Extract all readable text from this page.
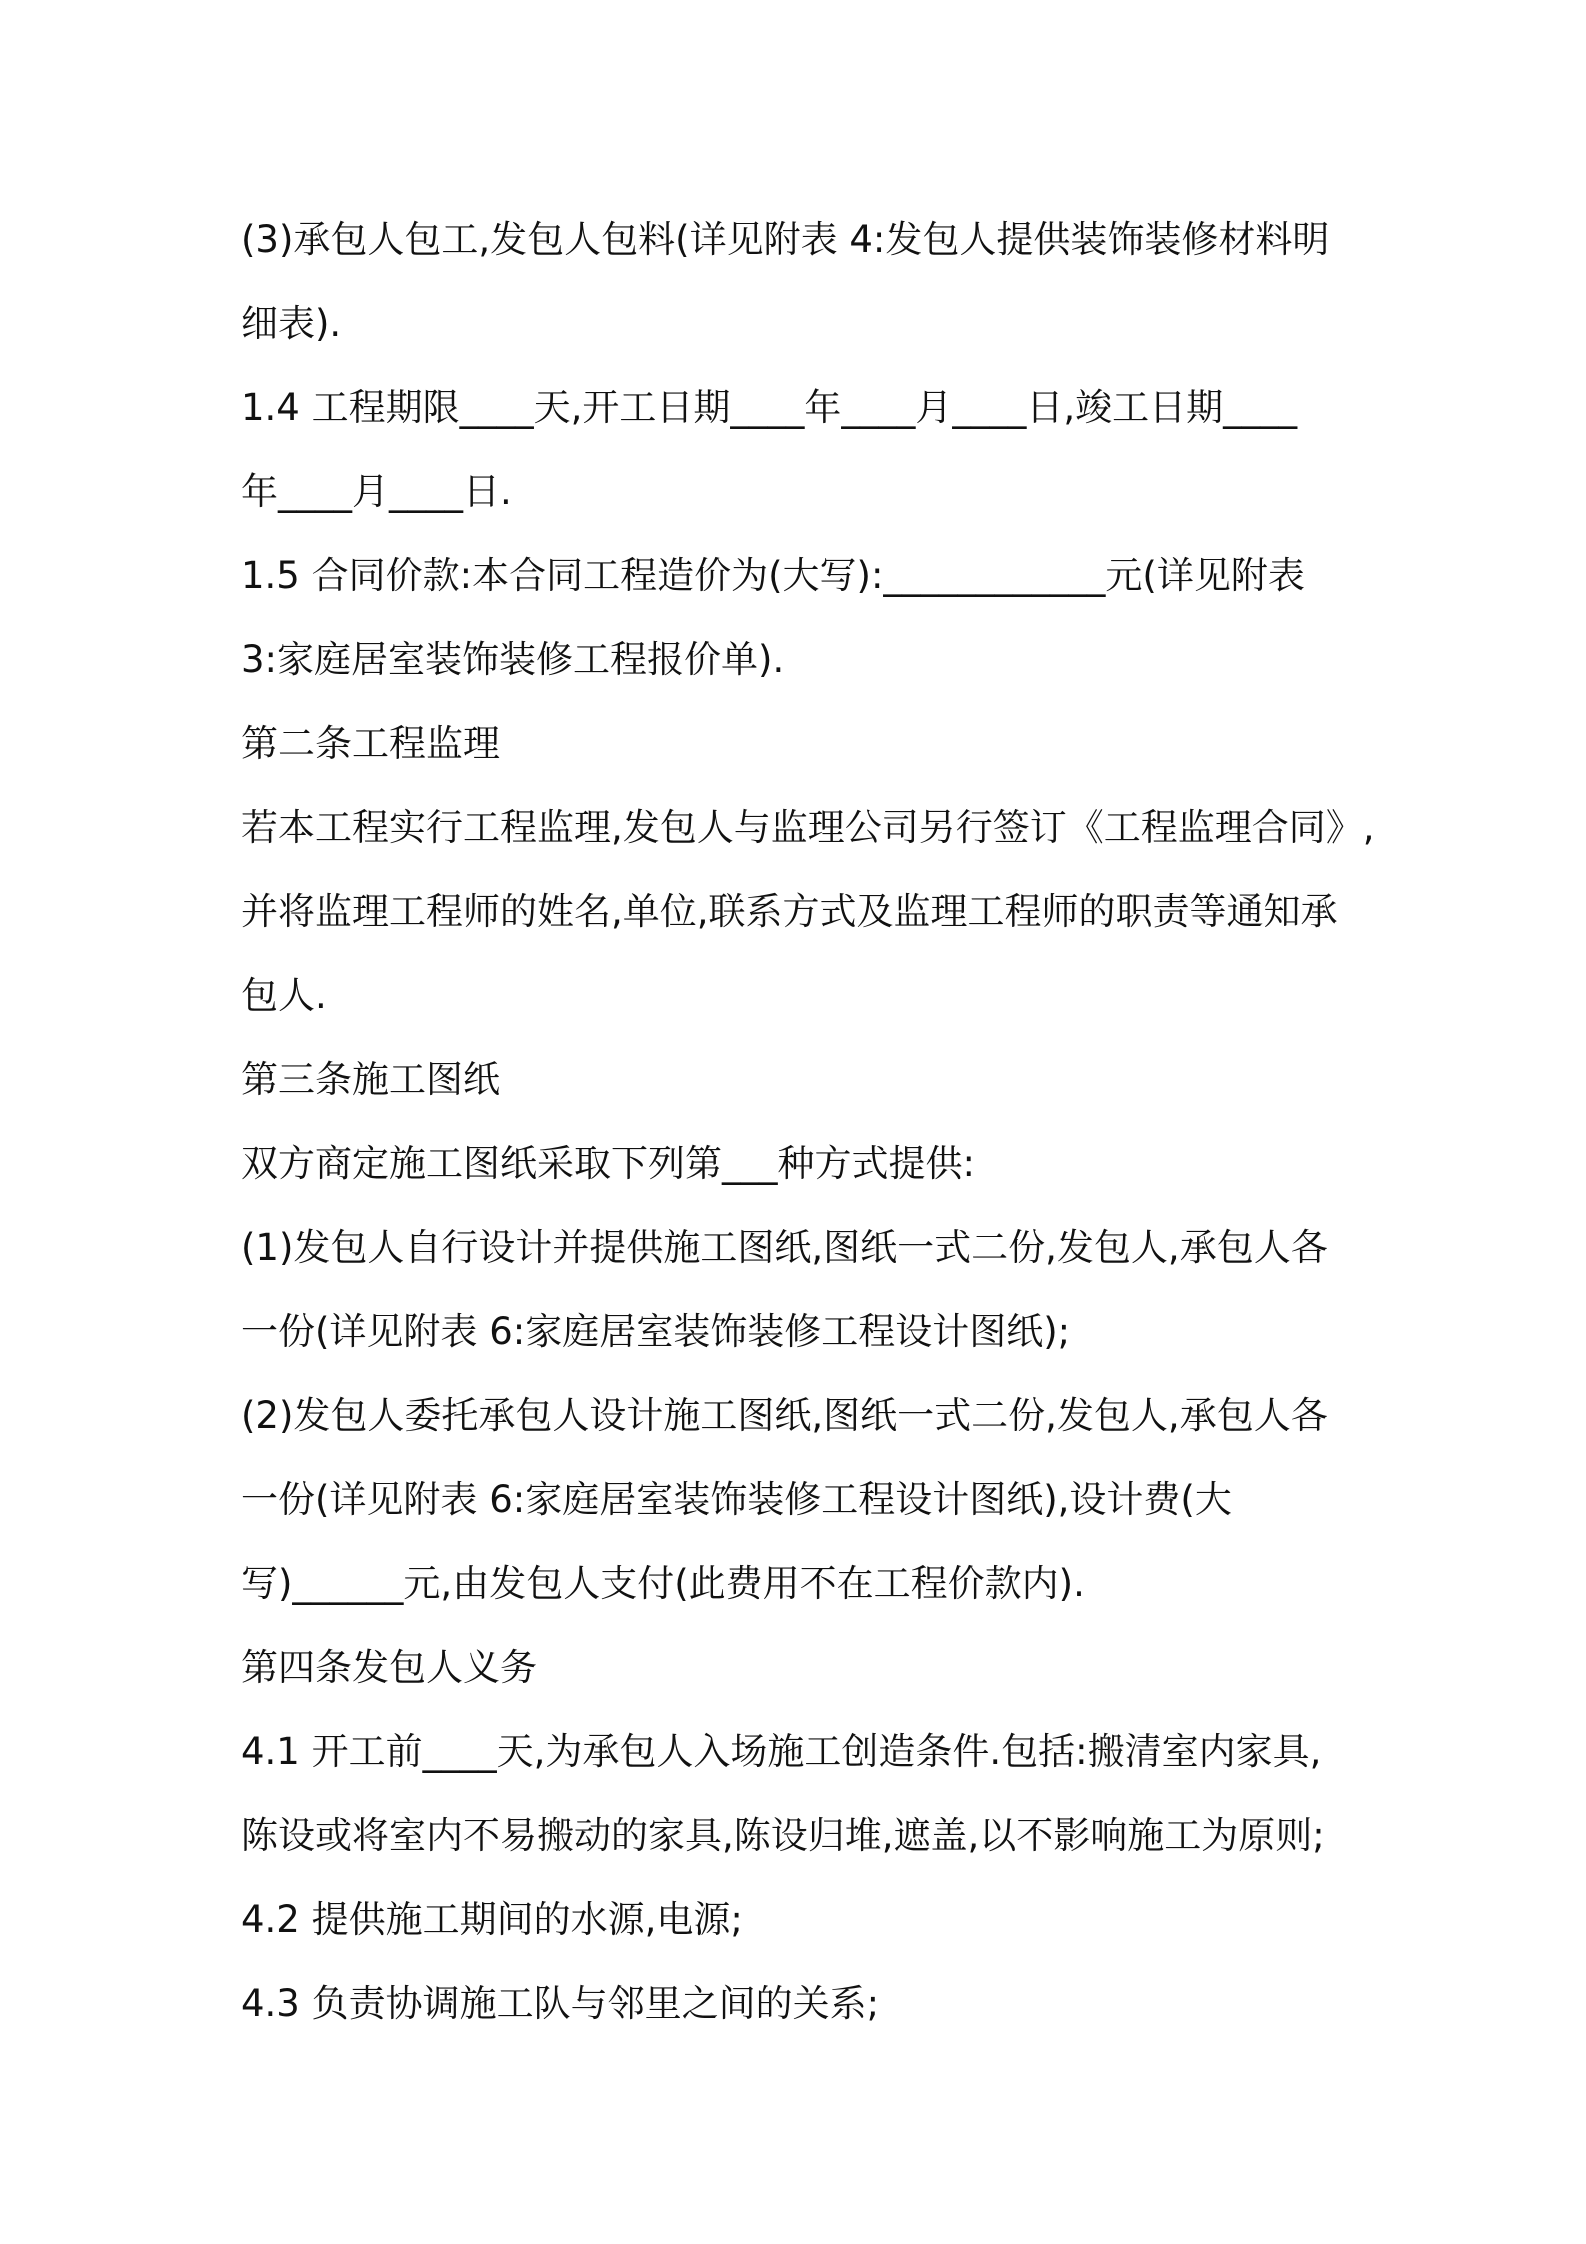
(3)承包人包工,发包人包料(详见附表 4:发包人提供装饰装修材料明
细表).
1.4 工程期限____天,开工日期____年____月____日,竣工日期____
年____月____日.
1.5 合同价款:本合同工程造价为(大写):____________元(详见附表
3:家庭居室装饰装修工程报价单).
第二条工程监理
若本工程实行工程监理,发包人与监理公司另行签订《工程监理合同》,
并将监理工程师的姓名,单位,联系方式及监理工程师的职责等通知承
包人.
第三条施工图纸
双方商定施工图纸采取下列第___种方式提供:
(1)发包人自行设计并提供施工图纸,图纸一式二份,发包人,承包人各
一份(详见附表 6:家庭居室装饰装修工程设计图纸);
(2)发包人委托承包人设计施工图纸,图纸一式二份,发包人,承包人各
一份(详见附表 6:家庭居室装饰装修工程设计图纸),设计费(大
写)______元,由发包人支付(此费用不在工程价款内).
第四条发包人义务
4.1 开工前____天,为承包人入场施工创造条件.包括:搬清室内家具,
陈设或将室内不易搬动的家具,陈设归堆,遮盖,以不影响施工为原则;
4.2 提供施工期间的水源,电源;
4.3 负责协调施工队与邻里之间的关系;
